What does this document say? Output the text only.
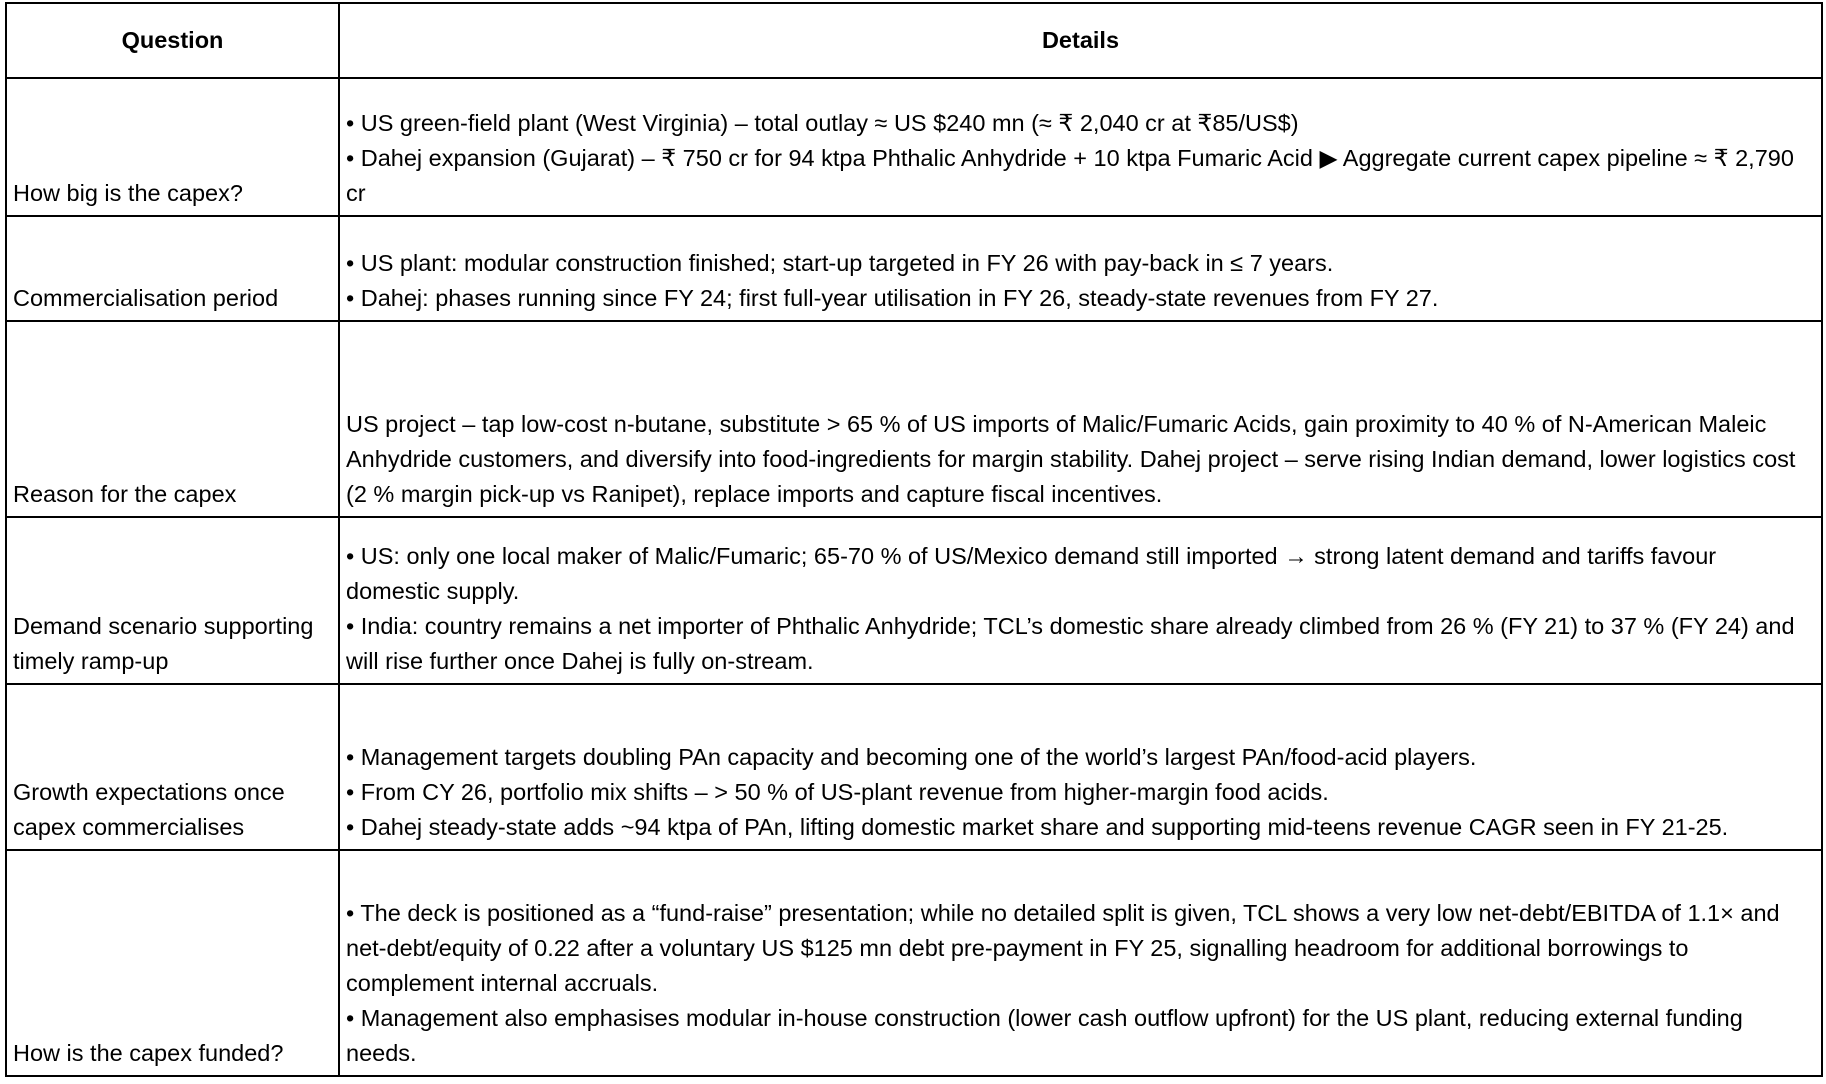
Question	Details
How big is the capex?	• US green-field plant (West Virginia) – total outlay ≈ US $240 mn (≈ ₹ 2,040 cr at ₹85/US$)
• Dahej expansion (Gujarat) – ₹ 750 cr for 94 ktpa Phthalic Anhydride + 10 ktpa Fumaric Acid ▶ Aggregate current capex pipeline ≈ ₹ 2,790 cr

Commercialisation period	• US plant: modular construction finished; start-up targeted in FY 26 with pay-back in ≤ 7 years.
• Dahej: phases running since FY 24; first full-year utilisation in FY 26, steady-state revenues from FY 27.

Reason for the capex	US project – tap low-cost n-butane, substitute > 65 % of US imports of Malic/Fumaric Acids, gain proximity to 40 % of N-American Maleic Anhydride customers, and diversify into food-ingredients for margin stability. Dahej project – serve rising Indian demand, lower logistics cost (2 % margin pick-up vs Ranipet), replace imports and capture fiscal incentives.

Demand scenario supporting timely ramp-up	• US: only one local maker of Malic/Fumaric; 65-70 % of US/Mexico demand still imported → strong latent demand and tariffs favour domestic supply.
• India: country remains a net importer of Phthalic Anhydride; TCL’s domestic share already climbed from 26 % (FY 21) to 37 % (FY 24) and will rise further once Dahej is fully on-stream.

Growth expectations once capex commercialises	• Management targets doubling PAn capacity and becoming one of the world’s largest PAn/food-acid players.
• From CY 26, portfolio mix shifts – > 50 % of US-plant revenue from higher-margin food acids.
• Dahej steady-state adds ~94 ktpa of PAn, lifting domestic market share and supporting mid-teens revenue CAGR seen in FY 21-25.

How is the capex funded?	• The deck is positioned as a “fund-raise” presentation; while no detailed split is given, TCL shows a very low net-debt/EBITDA of 1.1× and net-debt/equity of 0.22 after a voluntary US $125 mn debt pre-payment in FY 25, signalling headroom for additional borrowings to complement internal accruals.
• Management also emphasises modular in-house construction (lower cash outflow upfront) for the US plant, reducing external funding needs.
